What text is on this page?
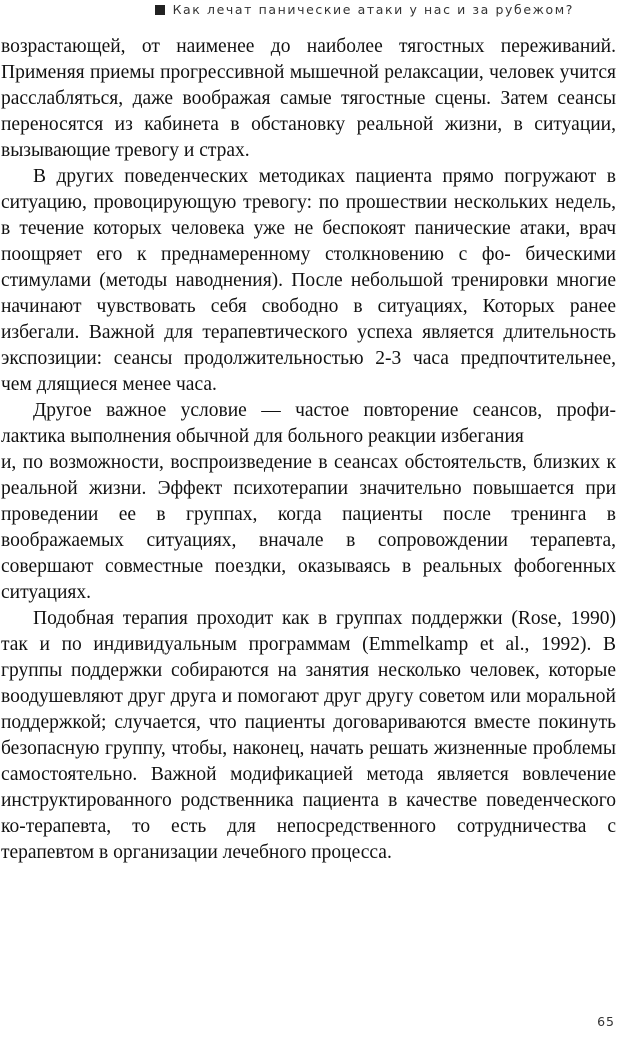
Как лечат панические атаки у нас и за рубежом?

возрастающей, от наименее до наиболее тягостных переживаний. Применяя приемы прогрессивной мышечной релаксации, человек учится расслабляться, даже воображая самые тягостные сцены. Затем сеансы переносятся из кабинета в обстановку реальной жизни, в ситуации, вызывающие тревогу и страх.

В других поведенческих методиках пациента прямо погружают в ситуацию, провоцирующую тревогу: по прошествии нескольких недель, в течение которых человека уже не беспокоят панические атаки, врач поощряет его к преднамеренному столкновению с фо- бическими стимулами (методы наводнения). После небольшой тренировки многие начинают чувствовать себя свободно в ситуациях, Которых ранее избегали. Важной для терапевтического успеха является длительность экспозиции: сеансы продолжительностью 2-3 часа предпочтительнее, чем длящиеся менее часа.

Другое важное условие — частое повторение сеансов, профи- лактика выполнения обычной для больного реакции избегания

и, по возможности, воспроизведение в сеансах обстоятельств, близких к реальной жизни. Эффект психотерапии значительно повышается при проведении ее в группах, когда пациенты после тренинга в воображаемых ситуациях, вначале в сопровождении терапевта, совершают совместные поездки, оказываясь в реальных фобогенных ситуациях.

Подобная терапия проходит как в группах поддержки (Rose, 1990) так и по индивидуальным программам (Emmelkamp et al., 1992). В группы поддержки собираются на занятия несколько человек, которые воодушевляют друг друга и помогают друг другу советом или моральной поддержкой; случается, что пациенты договариваются вместе покинуть безопасную группу, чтобы, наконец, начать решать жизненные проблемы самостоятельно. Важной модификацией метода является вовлечение инструктированного родственника пациента в качестве поведенческого ко-терапевта, то есть для непосредственного сотрудничества с терапевтом в организации лечебного процесса.

65
